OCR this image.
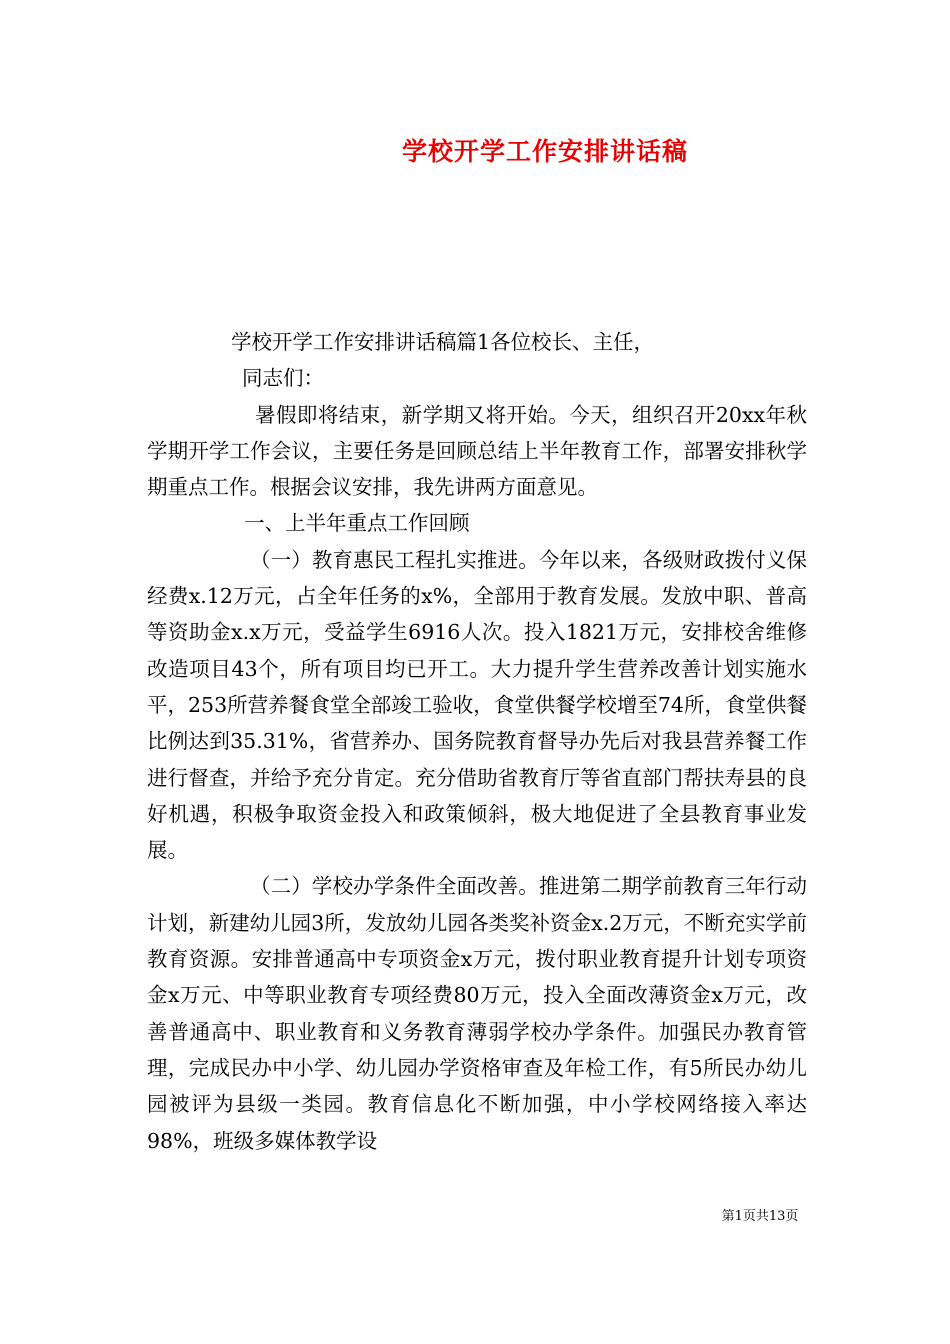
学校开学工作安排讲话稿

学校开学工作安排讲话稿篇1各位校长、主任，

同志们：

暑假即将结束，新学期又将开始。今天，组织召开20xx年秋学期开学工作会议，主要任务是回顾总结上半年教育工作，部署安排秋学期重点工作。根据会议安排，我先讲两方面意见。

一、上半年重点工作回顾

（一）教育惠民工程扎实推进。今年以来，各级财政拨付义保经费x.12万元，占全年任务的x%，全部用于教育发展。发放中职、普高等资助金x.x万元，受益学生6916人次。投入1821万元，安排校舍维修改造项目43个，所有项目均已开工。大力提升学生营养改善计划实施水平，253所营养餐食堂全部竣工验收，食堂供餐学校增至74所，食堂供餐比例达到35.31%，省营养办、国务院教育督导办先后对我县营养餐工作进行督查，并给予充分肯定。充分借助省教育厅等省直部门帮扶寿县的良好机遇，积极争取资金投入和政策倾斜，极大地促进了全县教育事业发展。

（二）学校办学条件全面改善。推进第二期学前教育三年行动计划，新建幼儿园3所，发放幼儿园各类奖补资金x.2万元，不断充实学前教育资源。安排普通高中专项资金x万元，拨付职业教育提升计划专项资金x万元、中等职业教育专项经费80万元，投入全面改薄资金x万元，改善普通高中、职业教育和义务教育薄弱学校办学条件。加强民办教育管理，完成民办中小学、幼儿园办学资格审查及年检工作，有5所民办幼儿园被评为县级一类园。教育信息化不断加强，中小学校网络接入率达98%，班级多媒体教学设

第1页共13页
